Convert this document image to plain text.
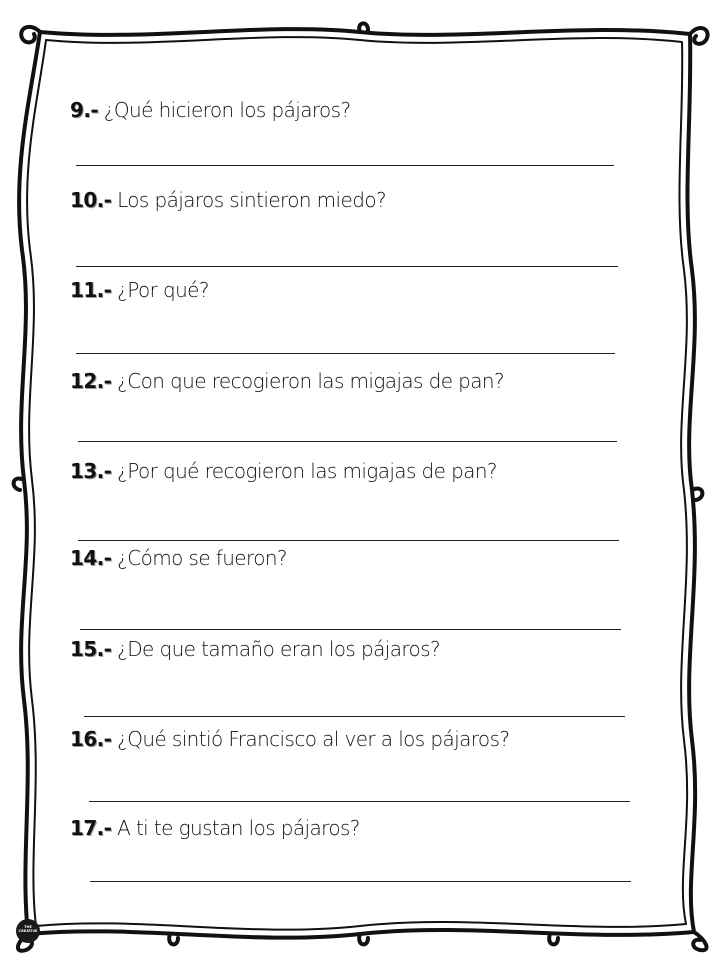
9.- ¿Qué hicieron los pájaros?

10.- Los pájaros sintieron miedo?

11.- ¿Por qué?

12.- ¿Con que recogieron las migajas de pan?

13.- ¿Por qué recogieron las migajas de pan?

14.- ¿Cómo se fueron?

15.- ¿De que tamaño eran los pájaros?

16.- ¿Qué sintió Francisco al ver a los pájaros?

17.- A ti te gustan los pájaros?

THE
CREATIVE
